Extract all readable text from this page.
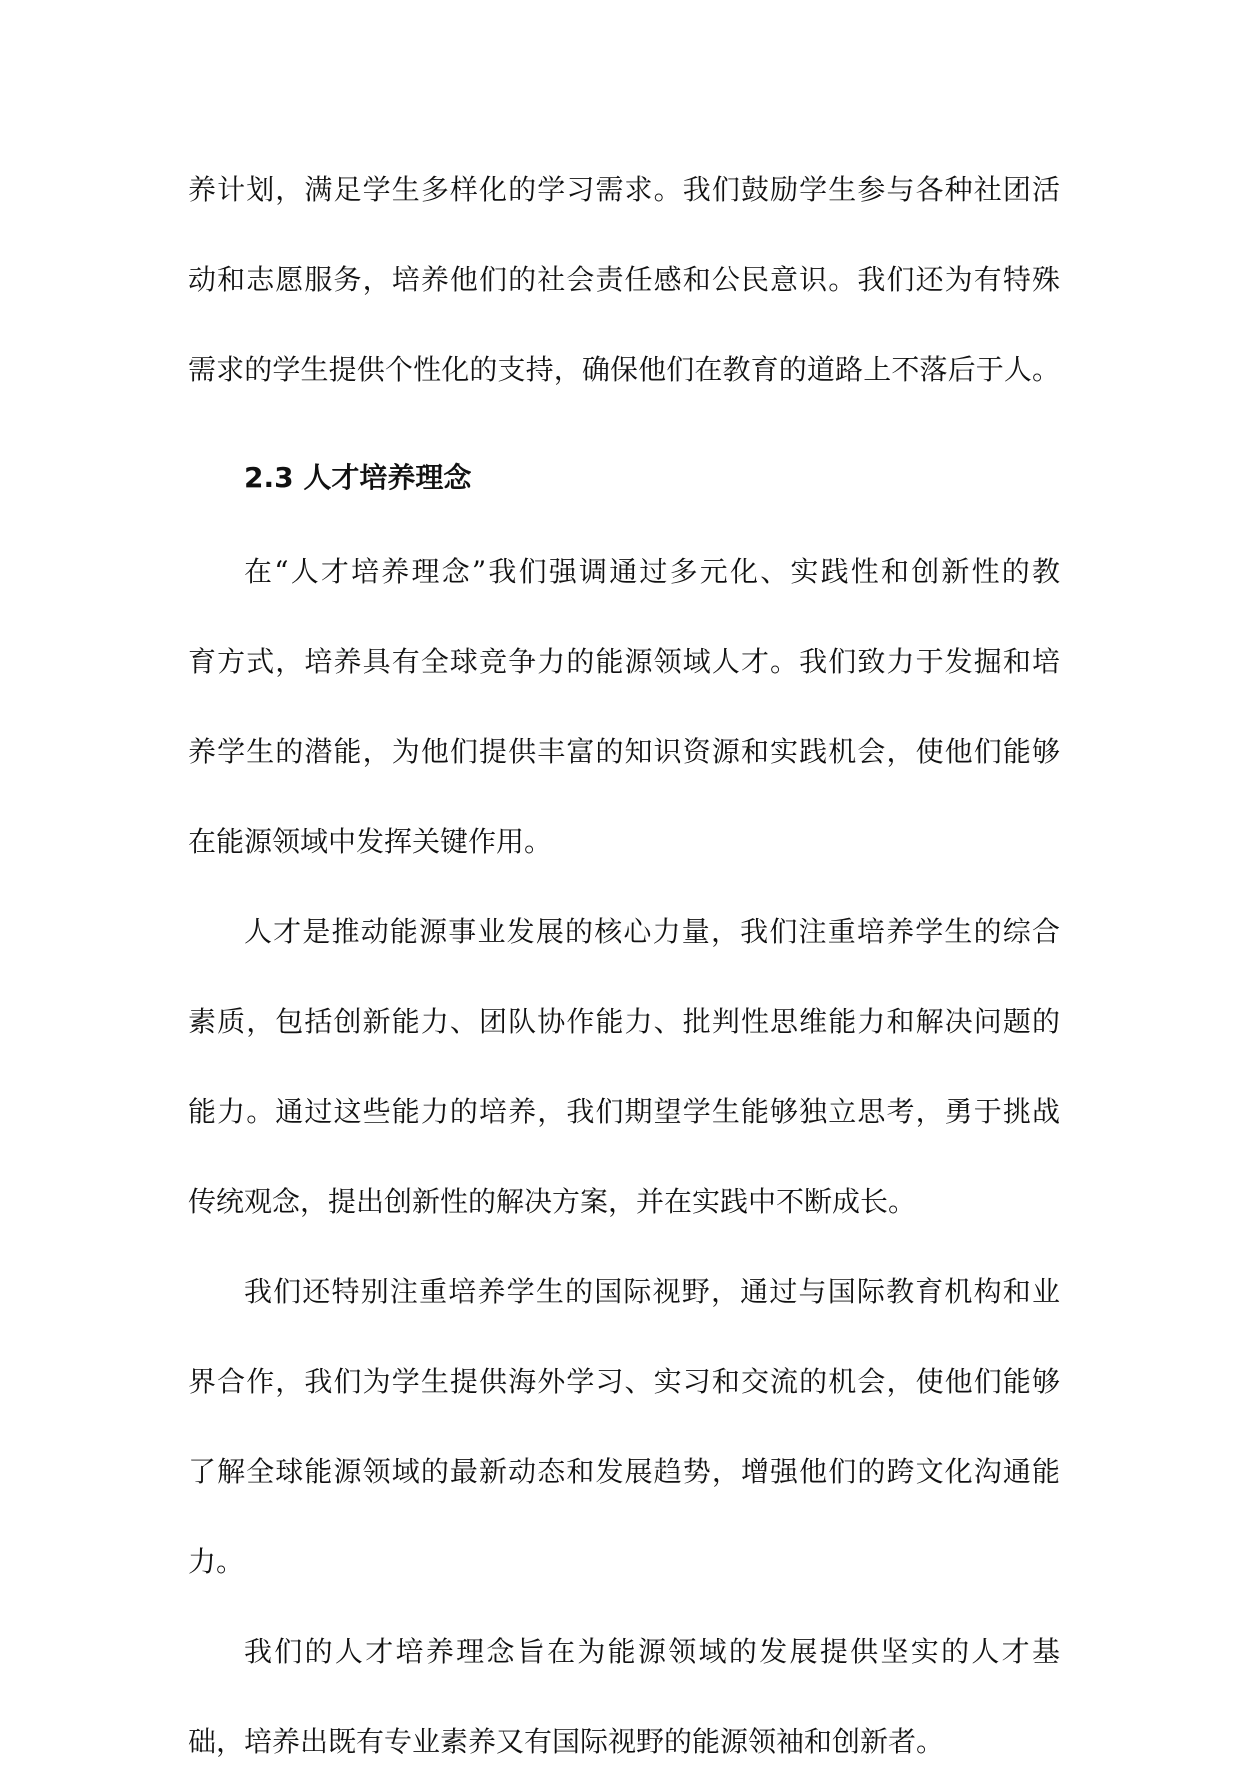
养计划，满足学生多样化的学习需求。我们鼓励学生参与各种社团活
动和志愿服务，培养他们的社会责任感和公民意识。我们还为有特殊
需求的学生提供个性化的支持，确保他们在教育的道路上不落后于人。
2.3 人才培养理念
在“人才培养理念”我们强调通过多元化、实践性和创新性的教
育方式，培养具有全球竞争力的能源领域人才。我们致力于发掘和培
养学生的潜能，为他们提供丰富的知识资源和实践机会，使他们能够
在能源领域中发挥关键作用。
人才是推动能源事业发展的核心力量，我们注重培养学生的综合
素质，包括创新能力、团队协作能力、批判性思维能力和解决问题的
能力。通过这些能力的培养，我们期望学生能够独立思考，勇于挑战
传统观念，提出创新性的解决方案，并在实践中不断成长。
我们还特别注重培养学生的国际视野，通过与国际教育机构和业
界合作，我们为学生提供海外学习、实习和交流的机会，使他们能够
了解全球能源领域的最新动态和发展趋势，增强他们的跨文化沟通能
力。
我们的人才培养理念旨在为能源领域的发展提供坚实的人才基
础，培养出既有专业素养又有国际视野的能源领袖和创新者。
